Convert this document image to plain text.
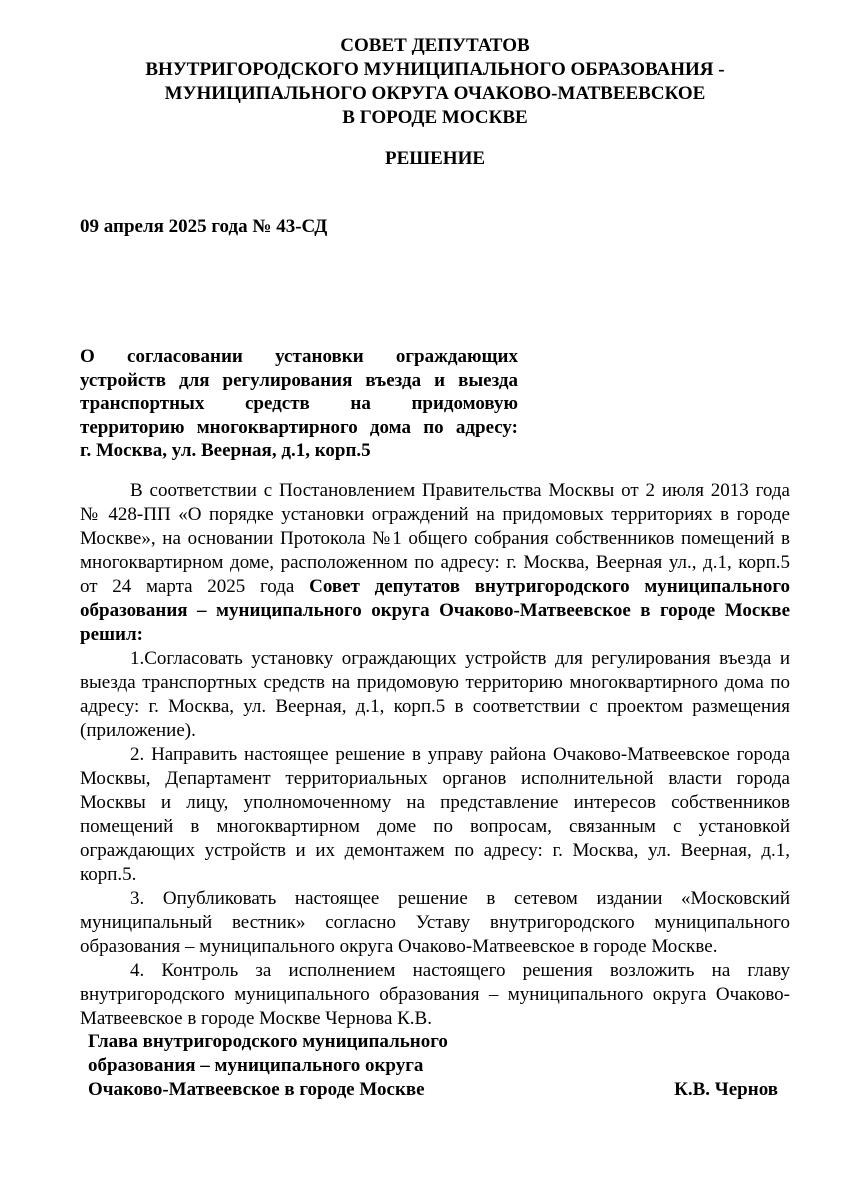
СОВЕТ ДЕПУТАТОВ
ВНУТРИГОРОДСКОГО МУНИЦИПАЛЬНОГО ОБРАЗОВАНИЯ -
МУНИЦИПАЛЬНОГО ОКРУГА ОЧАКОВО-МАТВЕЕВСКОЕ
В ГОРОДЕ МОСКВЕ
РЕШЕНИЕ
09 апреля 2025 года № 43-СД
О согласовании установки ограждающих
устройств для регулирования въезда и выезда
транспортных средств на придомовую
территорию многоквартирного дома по адресу:
г. Москва, ул. Веерная, д.1, корп.5

В соответствии с Постановлением Правительства Москвы от 2 июля 2013 года № 428-ПП «О порядке установки ограждений на придомовых территориях в городе Москве», на основании Протокола №1 общего собрания собственников помещений в многоквартирном доме, расположенном по адресу: г. Москва, Веерная ул., д.1, корп.5 от 24 марта 2025 года Совет депутатов внутригородского муниципального образования – муниципального округа Очаково-Матвеевское в городе Москве решил:

1.Согласовать установку ограждающих устройств для регулирования въезда и выезда транспортных средств на придомовую территорию многоквартирного дома по адресу: г. Москва, ул. Веерная, д.1, корп.5 в соответствии с проектом размещения (приложение).

2. Направить настоящее решение в управу района Очаково-Матвеевское города Москвы, Департамент территориальных органов исполнительной власти города Москвы и лицу, уполномоченному на представление интересов собственников помещений в многоквартирном доме по вопросам, связанным с установкой ограждающих устройств и их демонтажем по адресу: г. Москва, ул. Веерная, д.1, корп.5.

3. Опубликовать настоящее решение в сетевом издании «Московский муниципальный вестник» согласно Уставу внутригородского муниципального образования – муниципального округа Очаково-Матвеевское в городе Москве.

4. Контроль за исполнением настоящего решения возложить на главу внутригородского муниципального образования – муниципального округа Очаково-Матвеевское в городе Москве Чернова К.В.

Глава внутригородского муниципального
образования – муниципального округа
Очаково-Матвеевское в городе Москве	К.В. Чернов
